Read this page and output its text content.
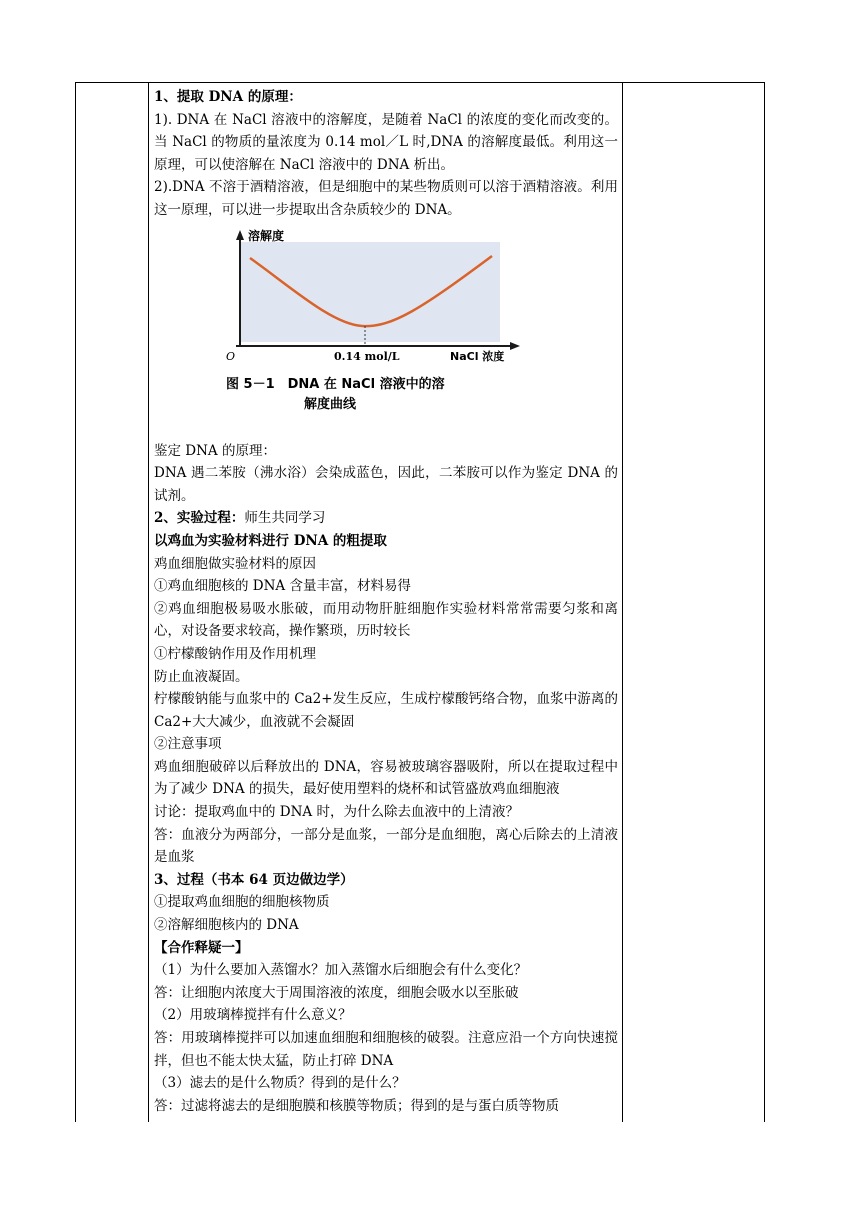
1、提取 DNA 的原理：

1). DNA 在 NaCl 溶液中的溶解度，是随着 NaCl 的浓度的变化而改变的。当 NaCl 的物质的量浓度为 0.14 mol／L 时,DNA 的溶解度最低。利用这一原理，可以使溶解在 NaCl 溶液中的 DNA 析出。

2).DNA 不溶于酒精溶液，但是细胞中的某些物质则可以溶于酒精溶液。利用这一原理，可以进一步提取出含杂质较少的 DNA。

溶解度
O	0.14 mol/L	NaCl 浓度
图 5－1　DNA 在 NaCl 溶液中的溶
解度曲线

鉴定 DNA 的原理：

DNA 遇二苯胺（沸水浴）会染成蓝色，因此，二苯胺可以作为鉴定 DNA 的试剂。

2、实验过程：师生共同学习

以鸡血为实验材料进行 DNA 的粗提取

鸡血细胞做实验材料的原因

①鸡血细胞核的 DNA 含量丰富，材料易得

②鸡血细胞极易吸水胀破，而用动物肝脏细胞作实验材料常常需要匀浆和离心，对设备要求较高，操作繁琐，历时较长

①柠檬酸钠作用及作用机理

防止血液凝固。

柠檬酸钠能与血浆中的 Ca2+发生反应，生成柠檬酸钙络合物，血浆中游离的 Ca2+大大减少，血液就不会凝固

②注意事项

鸡血细胞破碎以后释放出的 DNA，容易被玻璃容器吸附，所以在提取过程中为了减少 DNA 的损失，最好使用塑料的烧杯和试管盛放鸡血细胞液

讨论：提取鸡血中的 DNA 时，为什么除去血液中的上清液？

答：血液分为两部分，一部分是血浆，一部分是血细胞，离心后除去的上清液是血浆

3、过程（书本 64 页边做边学）

①提取鸡血细胞的细胞核物质

②溶解细胞核内的 DNA

【合作释疑一】

（1）为什么要加入蒸馏水？加入蒸馏水后细胞会有什么变化？

答：让细胞内浓度大于周围溶液的浓度，细胞会吸水以至胀破

（2）用玻璃棒搅拌有什么意义？

答：用玻璃棒搅拌可以加速血细胞和细胞核的破裂。注意应沿一个方向快速搅拌，但也不能太快太猛，防止打碎 DNA

（3）滤去的是什么物质？得到的是什么？

答：过滤将滤去的是细胞膜和核膜等物质；得到的是与蛋白质等物质
